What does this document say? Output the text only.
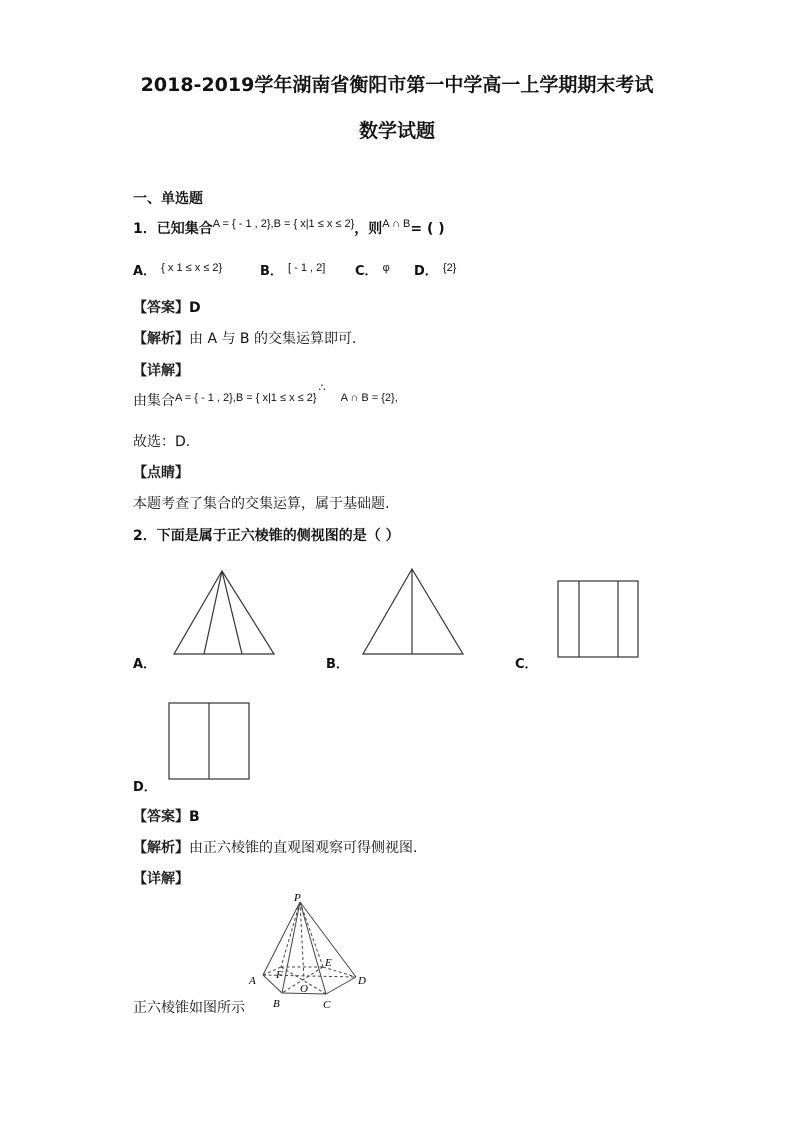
2018-2019学年湖南省衡阳市第一中学高一上学期期末考试
数学试题
一、单选题
1．已知集合$^{A = \{ - 1 , 2\},B = \{ x|1 \le x \le 2\}}$，则$^{A \cap B}$= ( )
A． $^{\{ x 1 \le x \le 2\}}$	B． [ - 1 , 2] C． $^\varphi$ D． $^{\{2\}}$
【答案】D
【解析】由 A 与 B 的交集运算即可．
【详解】
由集合$^{A = \{ - 1 , 2\},B = \{ x|1 \le x \le 2\}\therefore}$ $^{A \cap B = \{2\},}$
故选：D.
【点睛】
本题考查了集合的交集运算，属于基础题.
2．下面是属于正六棱锥的侧视图的是（ ）
A．	B．	C．
D．
【答案】B
【解析】由正六棱锥的直观图观察可得侧视图.
【详解】
P
A
B	C
D
E
F
O
正六棱锥如图所示
